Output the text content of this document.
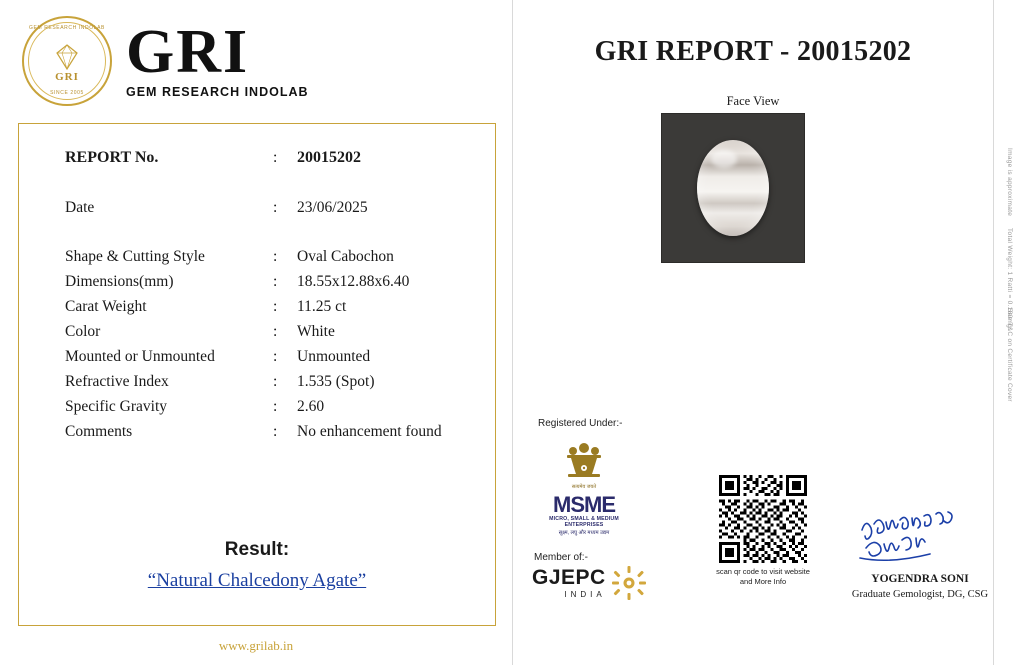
GEM RESEARCH INDOLAB
GRI
SINCE 2005
GRI
GEM RESEARCH INDOLAB
REPORT No.	:	20015202
Date	:	23/06/2025
Shape & Cutting Style	:	Oval Cabochon
Dimensions(mm)	:	18.55x12.88x6.40
Carat Weight	:	11.25 ct
Color	:	White
Mounted or Unmounted	:	Unmounted
Refractive Index	:	1.535 (Spot)
Specific Gravity	:	2.60
Comments	:	No enhancement found
Result:
“Natural Chalcedony Agate”
www.grilab.in
GRI REPORT - 20015202
Face View
Registered Under:-
सत्यमेव जयते
MSME
MICRO, SMALL & MEDIUM ENTERPRISES
सूक्ष्म, लघु और मध्यम उद्यम
Member of:-
GJEPC
INDIA
scan qr code to visit website
and More Info	YOGENDRA SONI
Graduate Gemologist, DG, CSG
Image is approximate
Total Weight: 1 Ratti = 0.180mg
See T&C on Certificate Cover
